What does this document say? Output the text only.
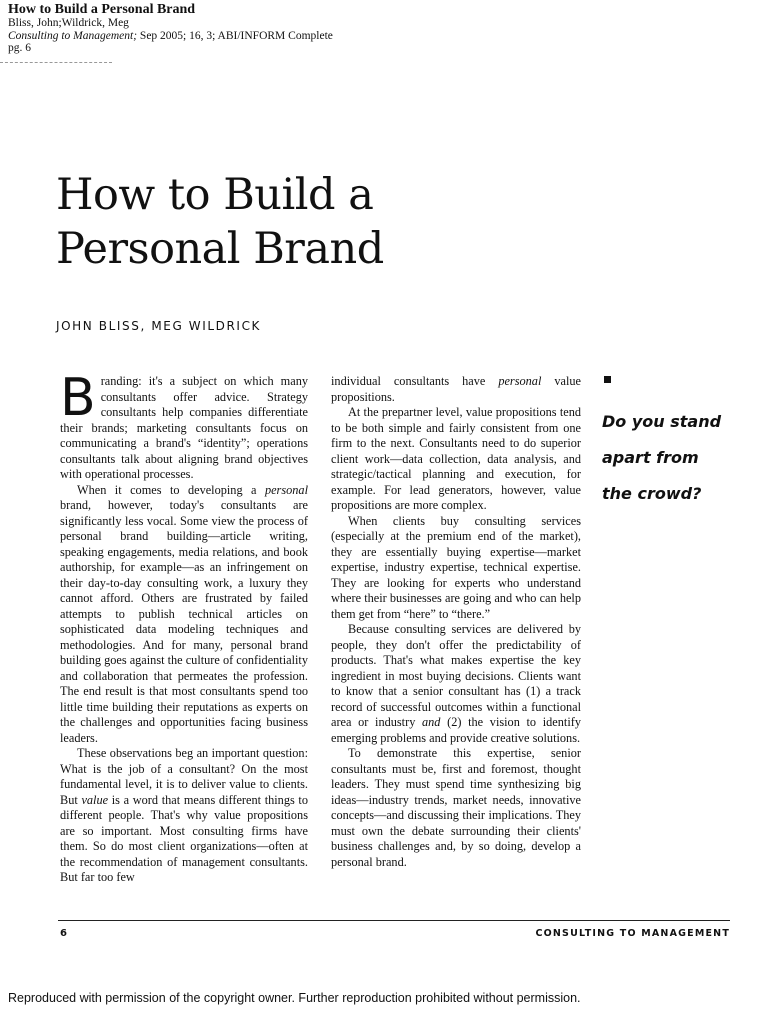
How to Build a Personal Brand
Bliss, John;Wildrick, Meg
Consulting to Management; Sep 2005; 16, 3; ABI/INFORM Complete
pg. 6
How to Build a
Personal Brand
JOHN BLISS, MEG WILDRICK

Branding: it's a subject on which many consultants offer advice. Strategy consultants help companies differentiate their brands; marketing consultants focus on communicating a brand's “identity”; operations consultants talk about aligning brand objectives with operational processes.

When it comes to developing a personal brand, however, today's consultants are significantly less vocal. Some view the process of personal brand building—article writing, speaking engagements, media relations, and book authorship, for example—as an infringement on their day-to-day consulting work, a luxury they cannot afford. Others are frustrated by failed attempts to publish technical articles on sophisticated data modeling techniques and methodologies. And for many, personal brand building goes against the culture of confidentiality and collaboration that permeates the profession. The end result is that most consultants spend too little time building their reputations as experts on the challenges and opportunities facing business leaders.

These observations beg an important question: What is the job of a consultant? On the most fundamental level, it is to deliver value to clients. But value is a word that means different things to different people. That's why value propositions are so important. Most consulting firms have them. So do most client organizations—often at the recommendation of management consultants. But far too few

individual consultants have personal value propositions.

At the prepartner level, value propositions tend to be both simple and fairly consistent from one firm to the next. Consultants need to do superior client work—data collection, data analysis, and strategic/tactical planning and execution, for example. For lead generators, however, value propositions are more complex.

When clients buy consulting services (especially at the premium end of the market), they are essentially buying expertise—market expertise, industry expertise, technical expertise. They are looking for experts who understand where their businesses are going and who can help them get from “here” to “there.”

Because consulting services are delivered by people, they don't offer the predictability of products. That's what makes expertise the key ingredient in most buying decisions. Clients want to know that a senior consultant has (1) a track record of successful outcomes within a functional area or industry and (2) the vision to identify emerging problems and provide creative solutions.

To demonstrate this expertise, senior consultants must be, first and foremost, thought leaders. They must spend time synthesizing big ideas—industry trends, market needs, innovative concepts—and discussing their implications. They must own the debate surrounding their clients' business challenges and, by so doing, develop a personal brand.

Do you stand
apart from
the crowd?
6	CONSULTING TO MANAGEMENT
Reproduced with permission of the copyright owner. Further reproduction prohibited without permission.
